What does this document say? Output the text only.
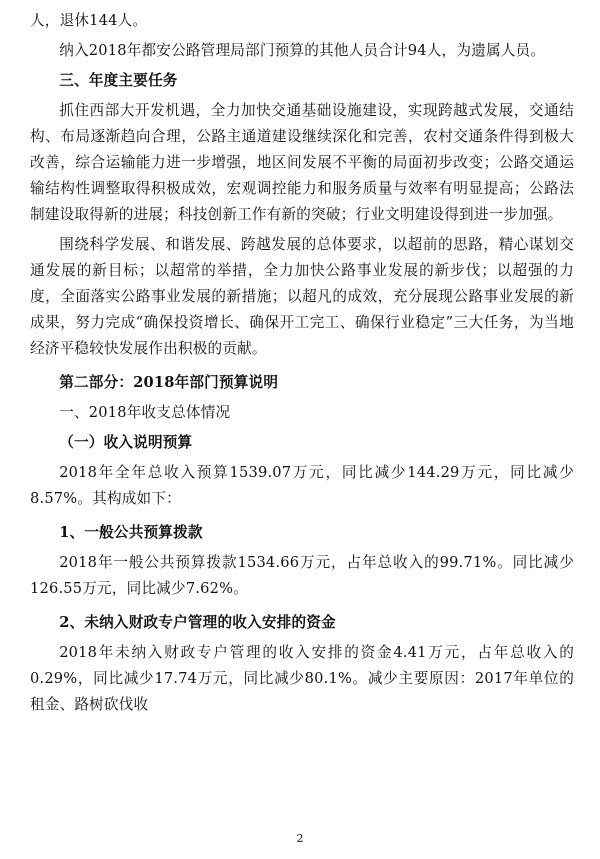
人，退休144人。

纳入2018年都安公路管理局部门预算的其他人员合计94人，为遗属人员。

三、年度主要任务

抓住西部大开发机遇，全力加快交通基础设施建设，实现跨越式发展，交通结构、布局逐渐趋向合理，公路主通道建设继续深化和完善，农村交通条件得到极大改善，综合运输能力进一步增强，地区间发展不平衡的局面初步改变；公路交通运输结构性调整取得积极成效，宏观调控能力和服务质量与效率有明显提高；公路法制建设取得新的进展；科技创新工作有新的突破；行业文明建设得到进一步加强。

围绕科学发展、和谐发展、跨越发展的总体要求，以超前的思路，精心谋划交通发展的新目标；以超常的举措，全力加快公路事业发展的新步伐；以超强的力度，全面落实公路事业发展的新措施；以超凡的成效，充分展现公路事业发展的新成果，努力完成“确保投资增长、确保开工完工、确保行业稳定”三大任务，为当地经济平稳较快发展作出积极的贡献。

第二部分：2018年部门预算说明

一、2018年收支总体情况

（一）收入说明预算

2018年全年总收入预算1539.07万元，同比减少144.29万元，同比减少8.57%。其构成如下：

1、一般公共预算拨款

2018年一般公共预算拨款1534.66万元，占年总收入的99.71%。同比减少126.55万元，同比减少7.62%。

2、未纳入财政专户管理的收入安排的资金

2018年未纳入财政专户管理的收入安排的资金4.41万元，占年总收入的0.29%，同比减少17.74万元，同比减少80.1%。减少主要原因：2017年单位的租金、路树砍伐收

2
